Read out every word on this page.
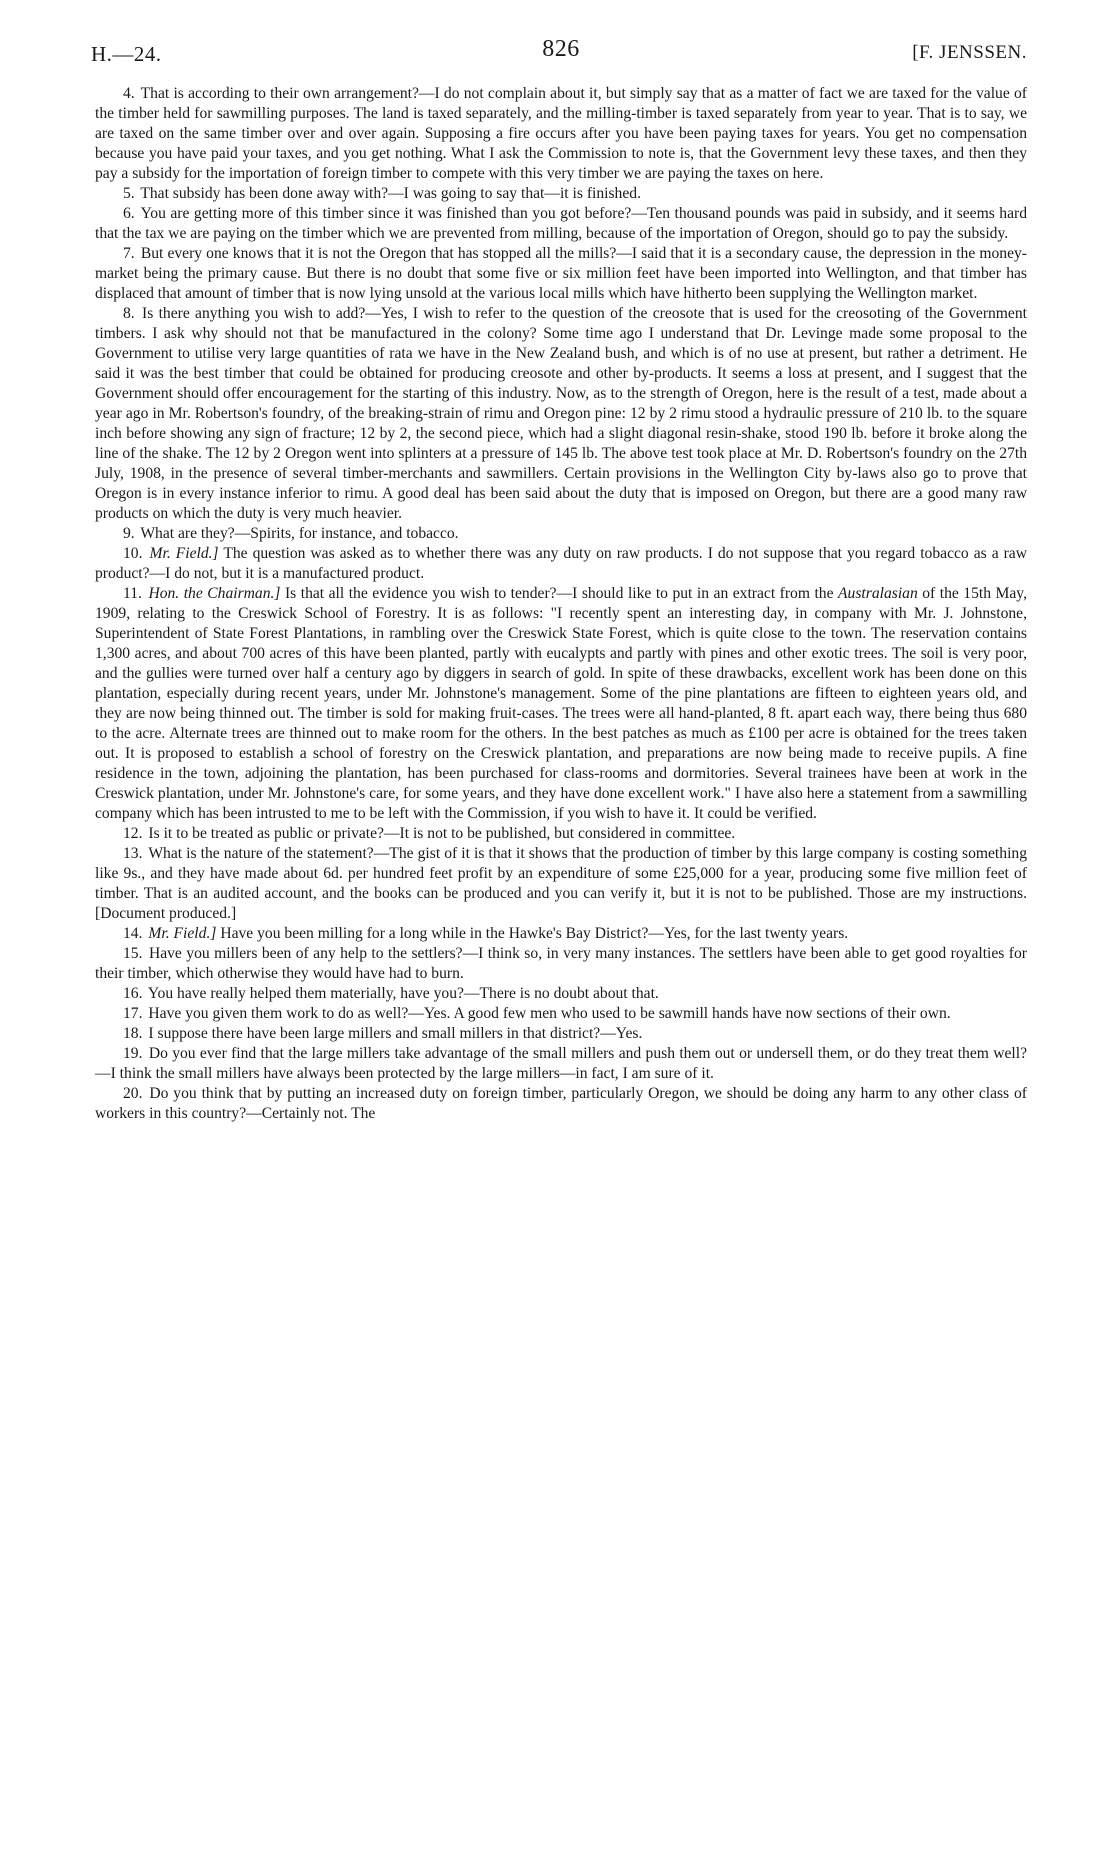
H.—24.	826	[F. JENSSEN.

4. That is according to their own arrangement?—I do not complain about it, but simply say that as a matter of fact we are taxed for the value of the timber held for sawmilling purposes. The land is taxed separately, and the milling-timber is taxed separately from year to year. That is to say, we are taxed on the same timber over and over again. Supposing a fire occurs after you have been paying taxes for years. You get no compensation because you have paid your taxes, and you get nothing. What I ask the Commission to note is, that the Government levy these taxes, and then they pay a subsidy for the importation of foreign timber to compete with this very timber we are paying the taxes on here.

5. That subsidy has been done away with?—I was going to say that—it is finished.

6. You are getting more of this timber since it was finished than you got before?—Ten thousand pounds was paid in subsidy, and it seems hard that the tax we are paying on the timber which we are prevented from milling, because of the importation of Oregon, should go to pay the subsidy.

7. But every one knows that it is not the Oregon that has stopped all the mills?—I said that it is a secondary cause, the depression in the money-market being the primary cause. But there is no doubt that some five or six million feet have been imported into Wellington, and that timber has displaced that amount of timber that is now lying unsold at the various local mills which have hitherto been supplying the Wellington market.

8. Is there anything you wish to add?—Yes, I wish to refer to the question of the creosote that is used for the creosoting of the Government timbers. I ask why should not that be manufactured in the colony? Some time ago I understand that Dr. Levinge made some proposal to the Government to utilise very large quantities of rata we have in the New Zealand bush, and which is of no use at present, but rather a detriment. He said it was the best timber that could be obtained for producing creosote and other by-products. It seems a loss at present, and I suggest that the Government should offer encouragement for the starting of this industry. Now, as to the strength of Oregon, here is the result of a test, made about a year ago in Mr. Robertson's foundry, of the breaking-strain of rimu and Oregon pine: 12 by 2 rimu stood a hydraulic pressure of 210 lb. to the square inch before showing any sign of fracture; 12 by 2, the second piece, which had a slight diagonal resin-shake, stood 190 lb. before it broke along the line of the shake. The 12 by 2 Oregon went into splinters at a pressure of 145 lb. The above test took place at Mr. D. Robertson's foundry on the 27th July, 1908, in the presence of several timber-merchants and sawmillers. Certain provisions in the Wellington City by-laws also go to prove that Oregon is in every instance inferior to rimu. A good deal has been said about the duty that is imposed on Oregon, but there are a good many raw products on which the duty is very much heavier.

9. What are they?—Spirits, for instance, and tobacco.

10. Mr. Field.] The question was asked as to whether there was any duty on raw products. I do not suppose that you regard tobacco as a raw product?—I do not, but it is a manufactured product.

11. Hon. the Chairman.] Is that all the evidence you wish to tender?—I should like to put in an extract from the Australasian of the 15th May, 1909, relating to the Creswick School of Forestry. It is as follows: "I recently spent an interesting day, in company with Mr. J. Johnstone, Superintendent of State Forest Plantations, in rambling over the Creswick State Forest, which is quite close to the town. The reservation contains 1,300 acres, and about 700 acres of this have been planted, partly with eucalypts and partly with pines and other exotic trees. The soil is very poor, and the gullies were turned over half a century ago by diggers in search of gold. In spite of these drawbacks, excellent work has been done on this plantation, especially during recent years, under Mr. Johnstone's management. Some of the pine plantations are fifteen to eighteen years old, and they are now being thinned out. The timber is sold for making fruit-cases. The trees were all hand-planted, 8 ft. apart each way, there being thus 680 to the acre. Alternate trees are thinned out to make room for the others. In the best patches as much as £100 per acre is obtained for the trees taken out. It is proposed to establish a school of forestry on the Creswick plantation, and preparations are now being made to receive pupils. A fine residence in the town, adjoining the plantation, has been purchased for class-rooms and dormitories. Several trainees have been at work in the Creswick plantation, under Mr. Johnstone's care, for some years, and they have done excellent work." I have also here a statement from a sawmilling company which has been intrusted to me to be left with the Commission, if you wish to have it. It could be verified.

12. Is it to be treated as public or private?—It is not to be published, but considered in committee.

13. What is the nature of the statement?—The gist of it is that it shows that the production of timber by this large company is costing something like 9s., and they have made about 6d. per hundred feet profit by an expenditure of some £25,000 for a year, producing some five million feet of timber. That is an audited account, and the books can be produced and you can verify it, but it is not to be published. Those are my instructions. [Document produced.]

14. Mr. Field.] Have you been milling for a long while in the Hawke's Bay District?—Yes, for the last twenty years.

15. Have you millers been of any help to the settlers?—I think so, in very many instances. The settlers have been able to get good royalties for their timber, which otherwise they would have had to burn.

16. You have really helped them materially, have you?—There is no doubt about that.

17. Have you given them work to do as well?—Yes. A good few men who used to be sawmill hands have now sections of their own.

18. I suppose there have been large millers and small millers in that district?—Yes.

19. Do you ever find that the large millers take advantage of the small millers and push them out or undersell them, or do they treat them well?—I think the small millers have always been protected by the large millers—in fact, I am sure of it.

20. Do you think that by putting an increased duty on foreign timber, particularly Oregon, we should be doing any harm to any other class of workers in this country?—Certainly not. The
